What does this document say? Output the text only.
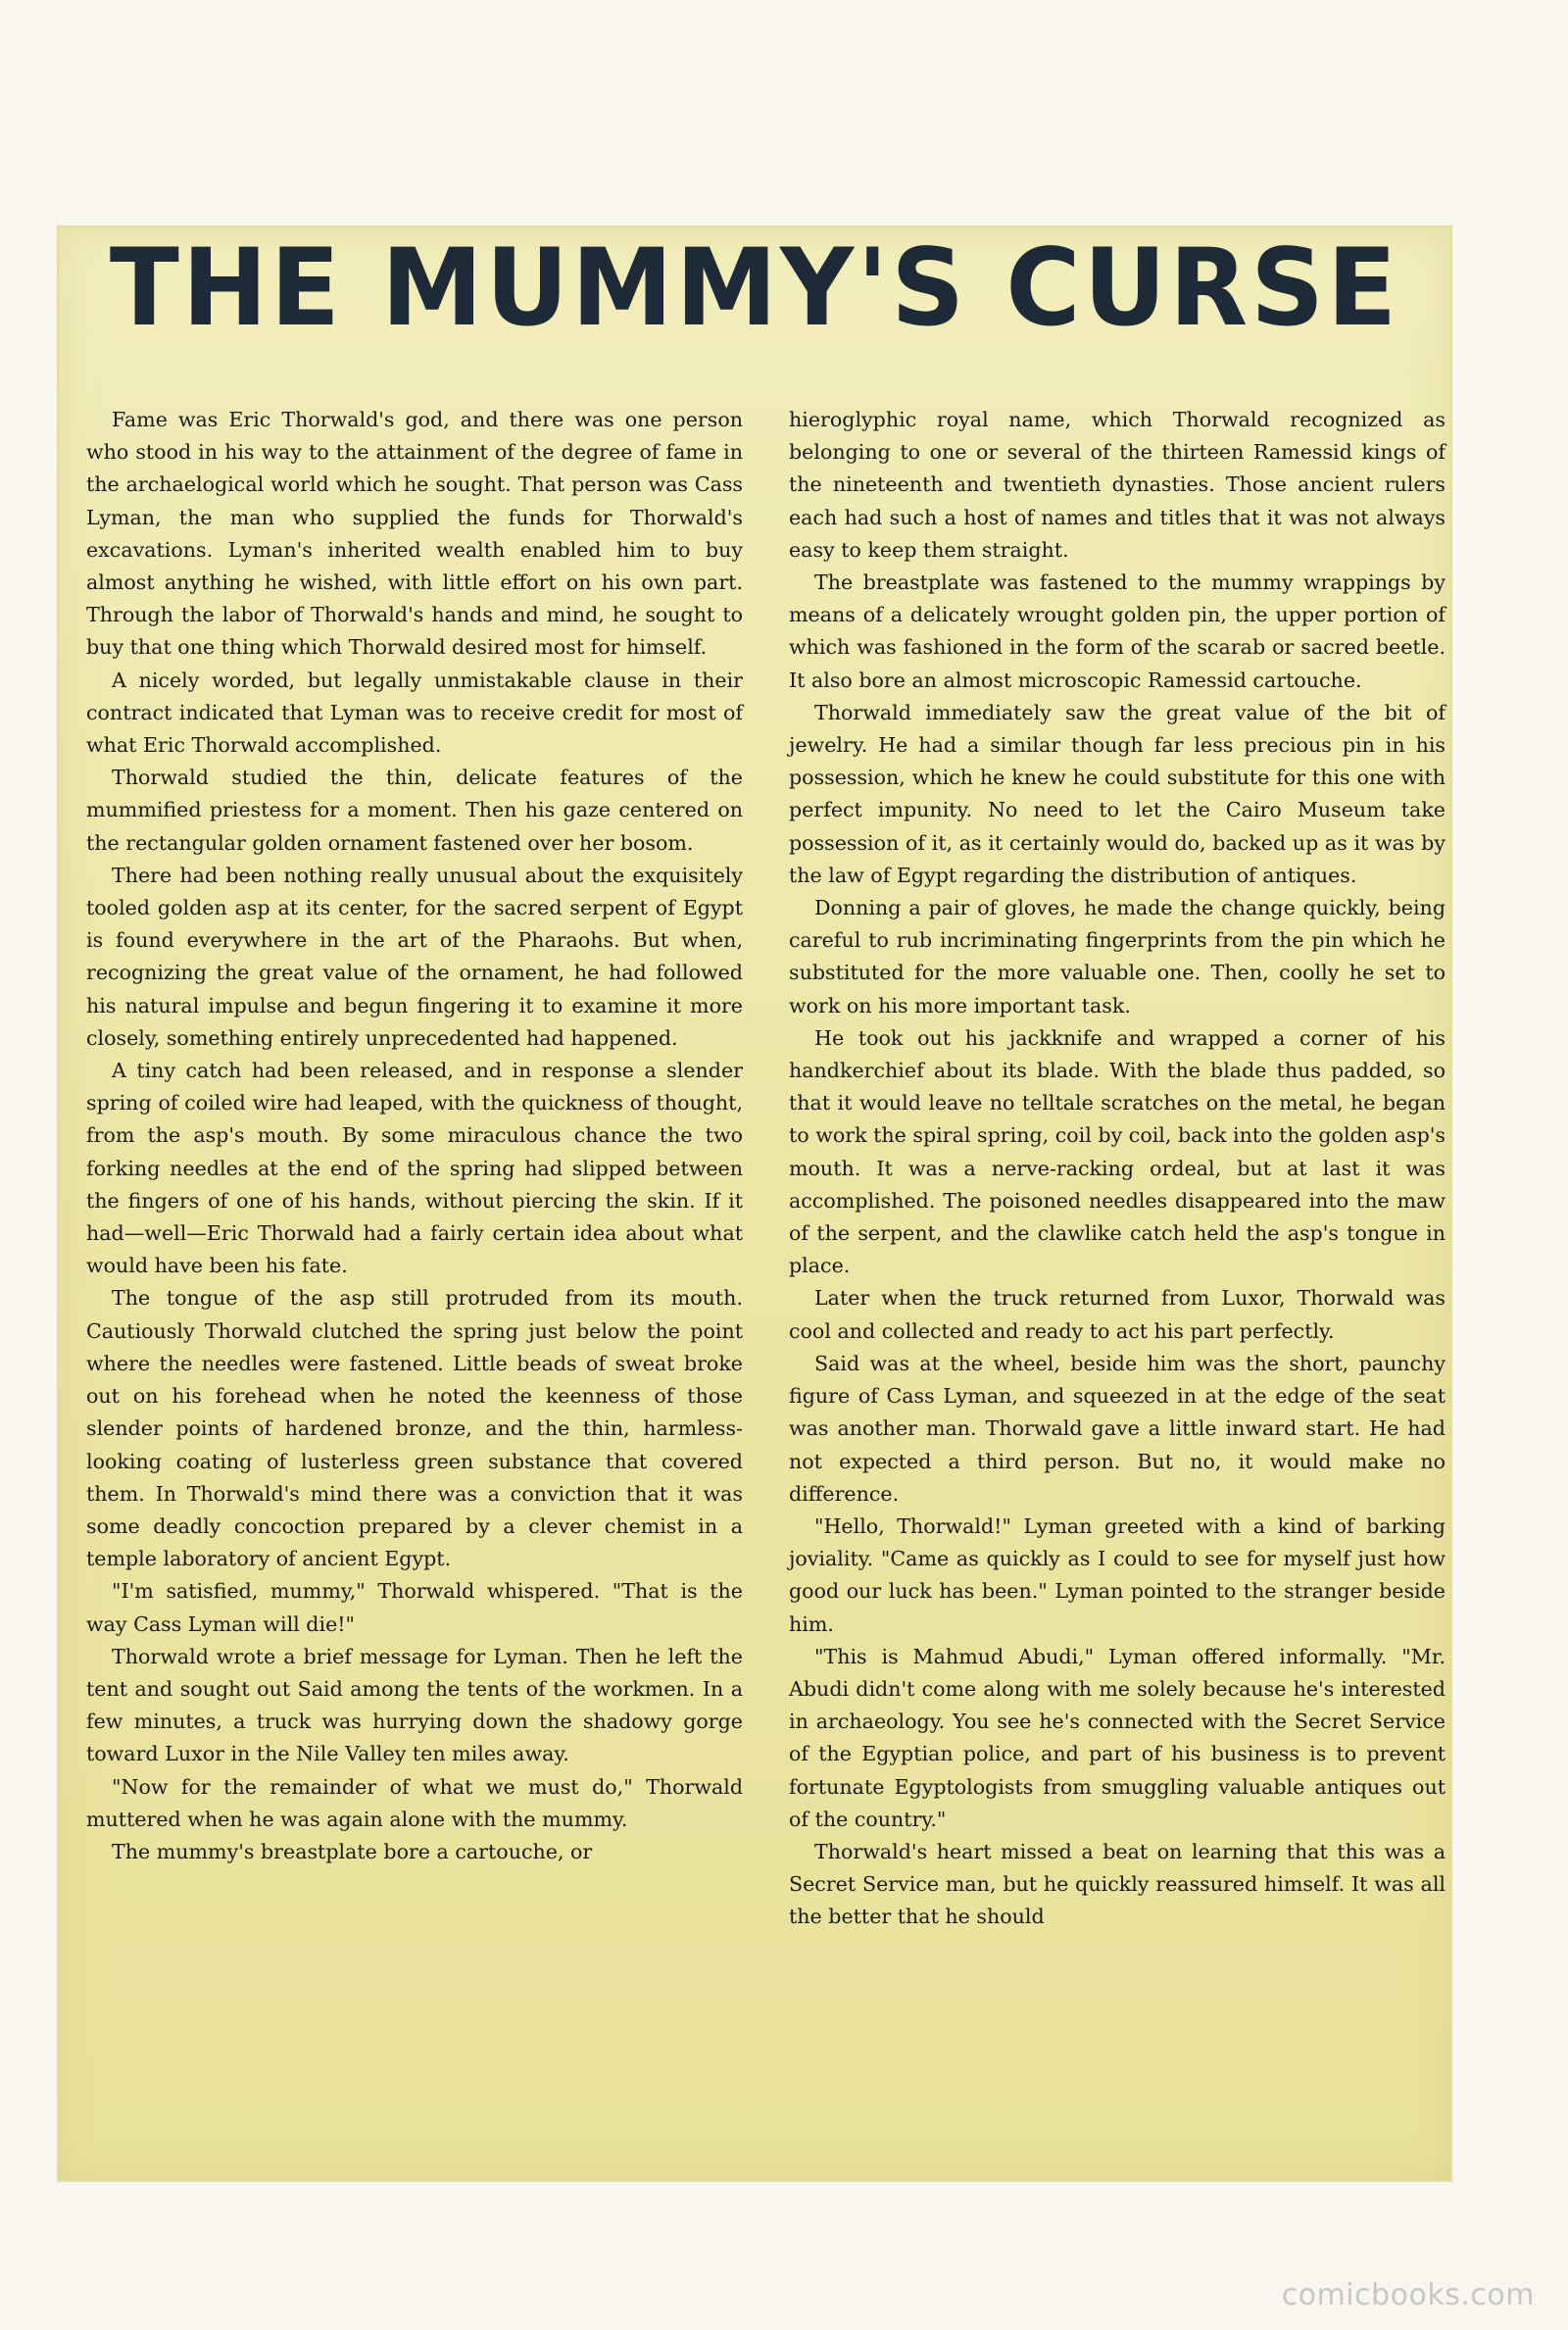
THE MUMMY'S CURSE

Fame was Eric Thorwald's god, and there was one person who stood in his way to the attainment of the degree of fame in the archaelogical world which he sought. That person was Cass Lyman, the man who supplied the funds for Thorwald's excavations. Lyman's inherited wealth enabled him to buy almost anything he wished, with little effort on his own part. Through the labor of Thorwald's hands and mind, he sought to buy that one thing which Thorwald desired most for himself.

A nicely worded, but legally unmistakable clause in their contract indicated that Lyman was to receive credit for most of what Eric Thorwald accomplished.

Thorwald studied the thin, delicate features of the mummified priestess for a moment. Then his gaze centered on the rectangular golden ornament fastened over her bosom.

There had been nothing really unusual about the exquisitely tooled golden asp at its center, for the sacred serpent of Egypt is found everywhere in the art of the Pharaohs. But when, recognizing the great value of the ornament, he had followed his natural impulse and begun fingering it to examine it more closely, something entirely unprecedented had happened.

A tiny catch had been released, and in response a slender spring of coiled wire had leaped, with the quickness of thought, from the asp's mouth. By some miraculous chance the two forking needles at the end of the spring had slipped between the fingers of one of his hands, without piercing the skin. If it had—well—Eric Thorwald had a fairly certain idea about what would have been his fate.

The tongue of the asp still protruded from its mouth. Cautiously Thorwald clutched the spring just below the point where the needles were fastened. Little beads of sweat broke out on his forehead when he noted the keenness of those slender points of hardened bronze, and the thin, harmless-looking coating of lusterless green substance that covered them. In Thorwald's mind there was a conviction that it was some deadly concoction prepared by a clever chemist in a temple laboratory of ancient Egypt.

"I'm satisfied, mummy," Thorwald whispered. "That is the way Cass Lyman will die!"

Thorwald wrote a brief message for Lyman. Then he left the tent and sought out Said among the tents of the workmen. In a few minutes, a truck was hurrying down the shadowy gorge toward Luxor in the Nile Valley ten miles away.

"Now for the remainder of what we must do," Thorwald muttered when he was again alone with the mummy.

The mummy's breastplate bore a cartouche, or

hieroglyphic royal name, which Thorwald recognized as belonging to one or several of the thirteen Ramessid kings of the nineteenth and twentieth dynasties. Those ancient rulers each had such a host of names and titles that it was not always easy to keep them straight.

The breastplate was fastened to the mummy wrappings by means of a delicately wrought golden pin, the upper portion of which was fashioned in the form of the scarab or sacred beetle. It also bore an almost microscopic Ramessid cartouche.

Thorwald immediately saw the great value of the bit of jewelry. He had a similar though far less precious pin in his possession, which he knew he could substitute for this one with perfect impunity. No need to let the Cairo Museum take possession of it, as it certainly would do, backed up as it was by the law of Egypt regarding the distribution of antiques.

Donning a pair of gloves, he made the change quickly, being careful to rub incriminating fingerprints from the pin which he substituted for the more valuable one. Then, coolly he set to work on his more important task.

He took out his jackknife and wrapped a corner of his handkerchief about its blade. With the blade thus padded, so that it would leave no telltale scratches on the metal, he began to work the spiral spring, coil by coil, back into the golden asp's mouth. It was a nerve-racking ordeal, but at last it was accomplished. The poisoned needles disappeared into the maw of the serpent, and the clawlike catch held the asp's tongue in place.

Later when the truck returned from Luxor, Thorwald was cool and collected and ready to act his part perfectly.

Said was at the wheel, beside him was the short, paunchy figure of Cass Lyman, and squeezed in at the edge of the seat was another man. Thorwald gave a little inward start. He had not expected a third person. But no, it would make no difference.

"Hello, Thorwald!" Lyman greeted with a kind of barking joviality. "Came as quickly as I could to see for myself just how good our luck has been." Lyman pointed to the stranger beside him.

"This is Mahmud Abudi," Lyman offered informally. "Mr. Abudi didn't come along with me solely because he's interested in archaeology. You see he's connected with the Secret Service of the Egyptian police, and part of his business is to prevent fortunate Egyptologists from smuggling valuable antiques out of the country."

Thorwald's heart missed a beat on learning that this was a Secret Service man, but he quickly reassured himself. It was all the better that he should

comicbooks.com
